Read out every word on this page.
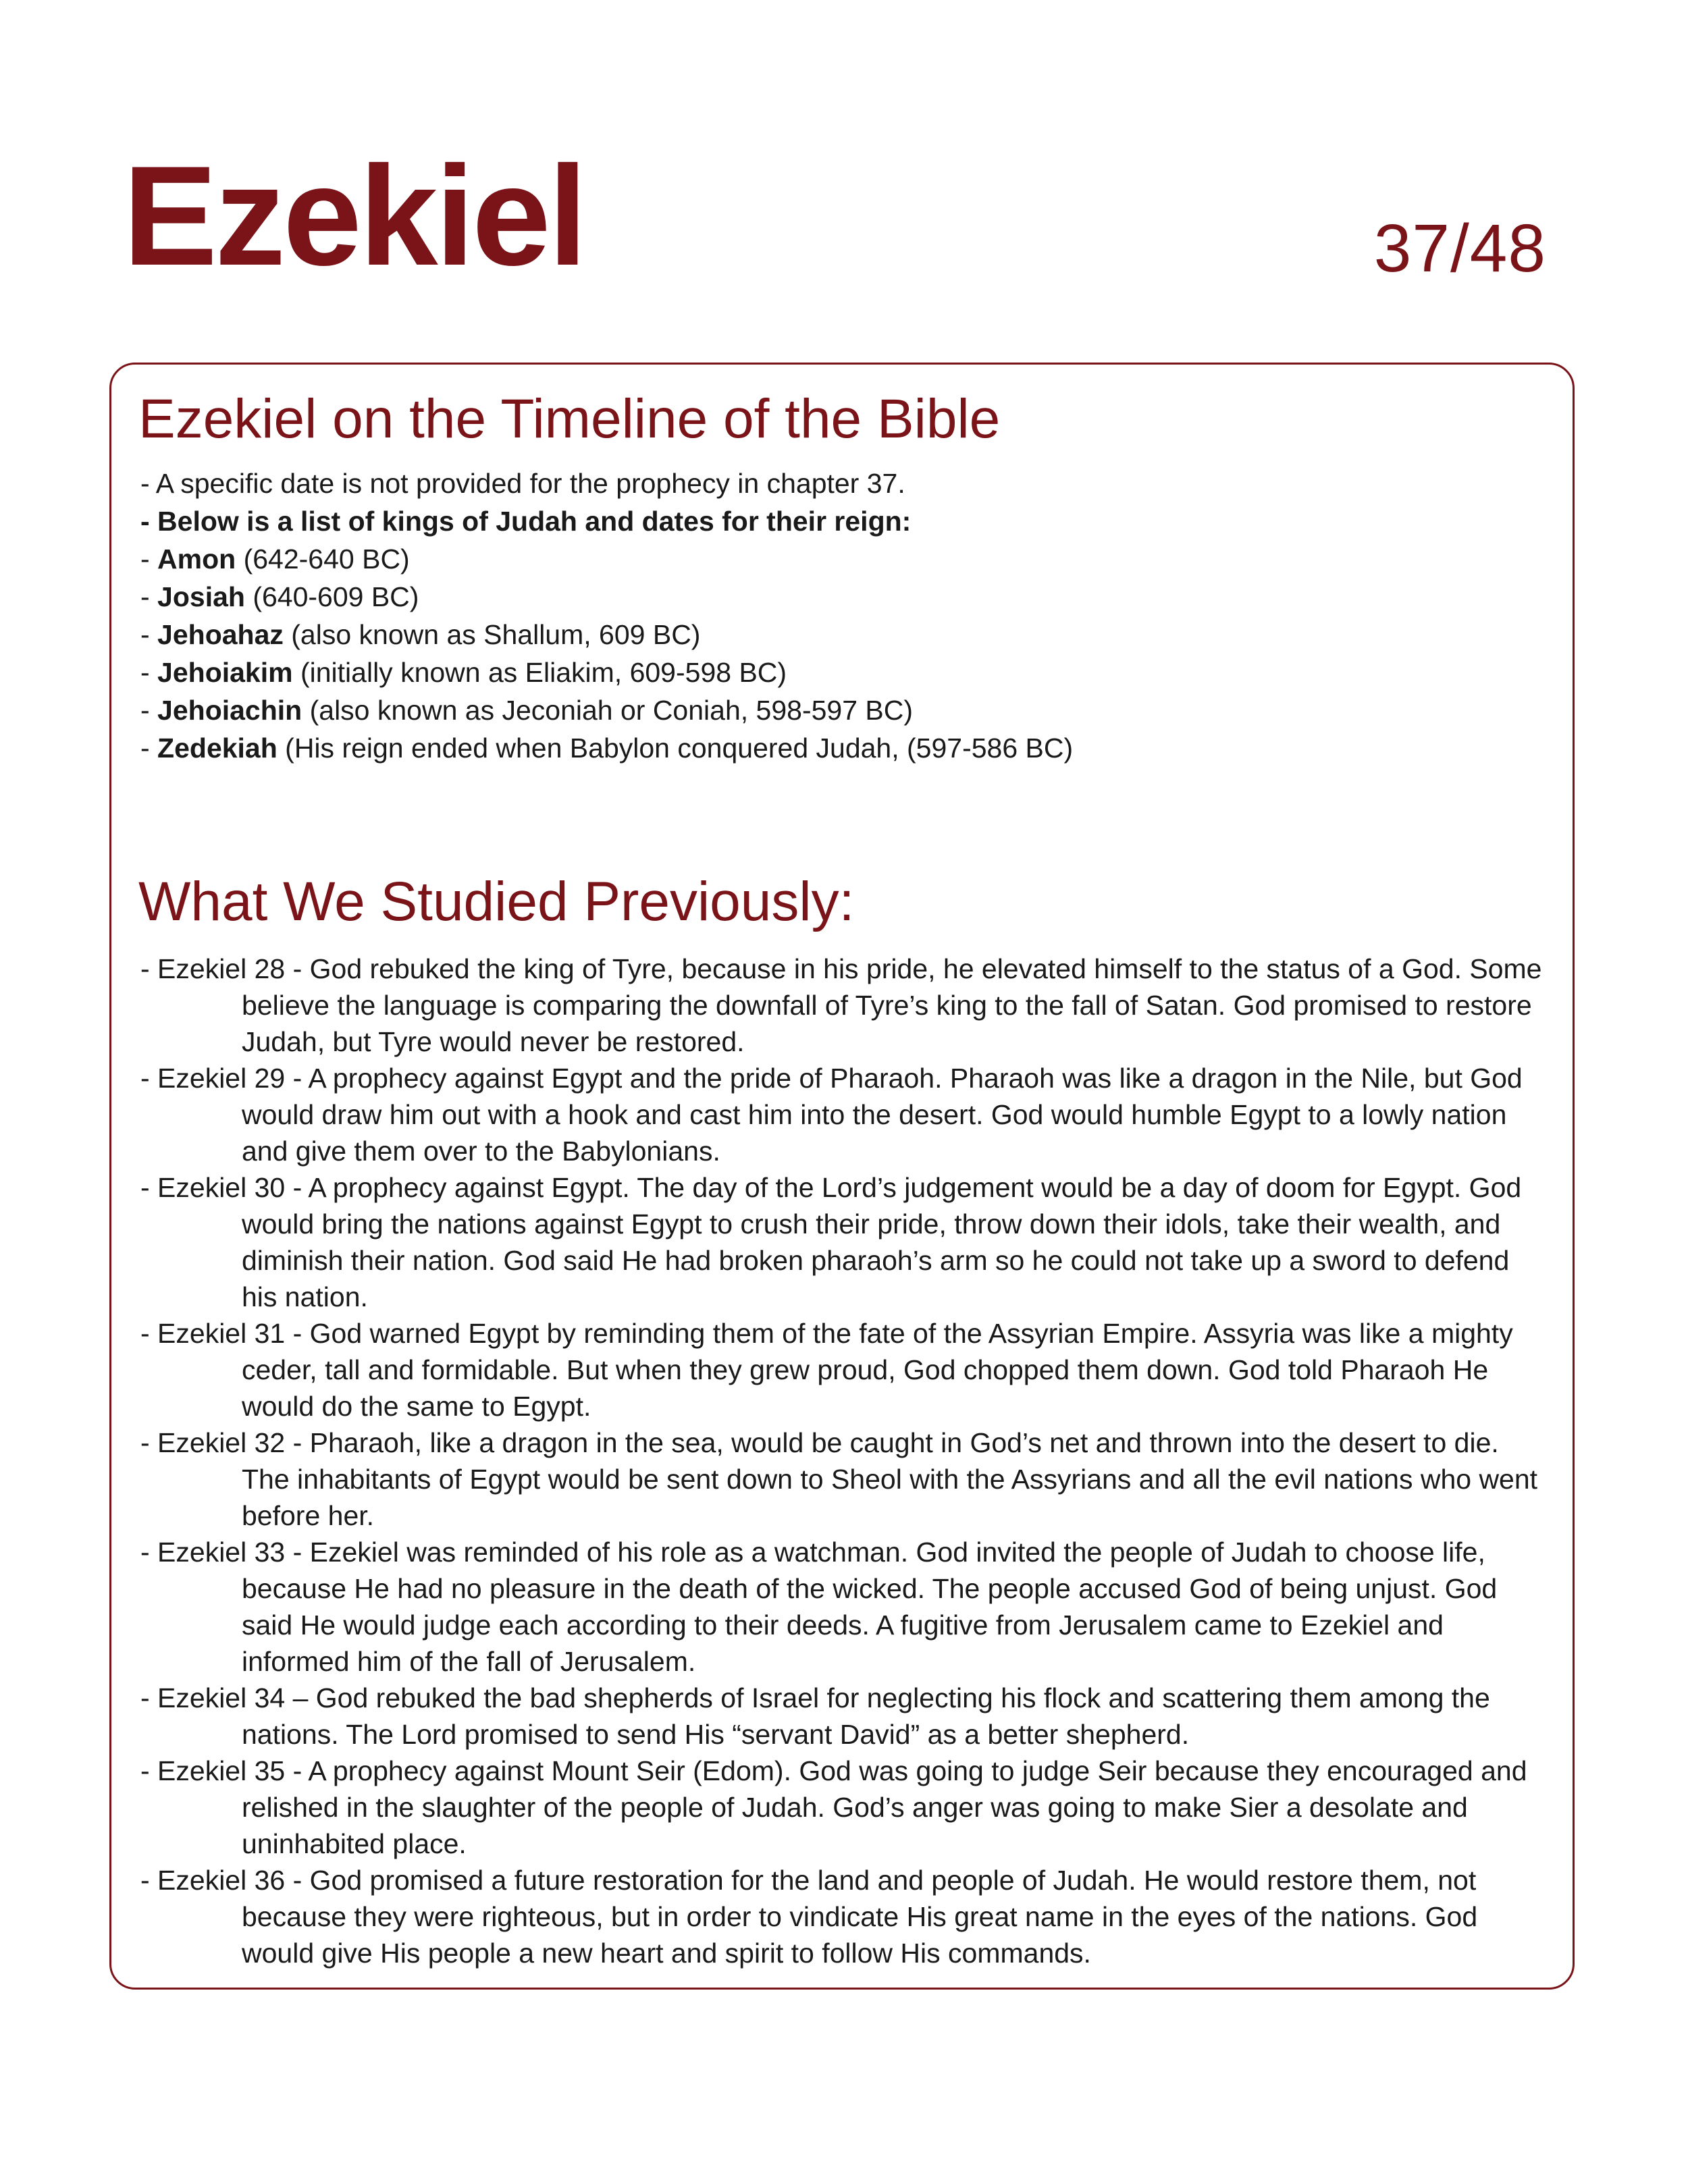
Ezekiel	37/48
Ezekiel on the Timeline of the Bible
- A specific date is not provided for the prophecy in chapter 37.
- Below is a list of kings of Judah and dates for their reign:
- Amon (642-640 BC)
- Josiah (640-609 BC)
- Jehoahaz (also known as Shallum, 609 BC)
- Jehoiakim (initially known as Eliakim, 609-598 BC)
- Jehoiachin (also known as Jeconiah or Coniah, 598-597 BC)
- Zedekiah (His reign ended when Babylon conquered Judah, (597-586 BC)
What We Studied Previously:
- Ezekiel 28 - God rebuked the king of Tyre, because in his pride, he elevated himself to the status of a God. Some believe the language is comparing the downfall of Tyre’s king to the fall of Satan. God promised to restore Judah, but Tyre would never be restored.
- Ezekiel 29 - A prophecy against Egypt and the pride of Pharaoh. Pharaoh was like a dragon in the Nile, but God would draw him out with a hook and cast him into the desert. God would humble Egypt to a lowly nation and give them over to the Babylonians.
- Ezekiel 30 - A prophecy against Egypt. The day of the Lord’s judgement would be a day of doom for Egypt. God would bring the nations against Egypt to crush their pride, throw down their idols, take their wealth, and diminish their nation. God said He had broken pharaoh’s arm so he could not take up a sword to defend his nation.
- Ezekiel 31 - God warned Egypt by reminding them of the fate of the Assyrian Empire. Assyria was like a mighty ceder, tall and formidable. But when they grew proud, God chopped them down. God told Pharaoh He would do the same to Egypt.
- Ezekiel 32 - Pharaoh, like a dragon in the sea, would be caught in God’s net and thrown into the desert to die. The inhabitants of Egypt would be sent down to Sheol with the Assyrians and all the evil nations who went before her.
- Ezekiel 33 - Ezekiel was reminded of his role as a watchman. God invited the people of Judah to choose life, because He had no pleasure in the death of the wicked. The people accused God of being unjust. God said He would judge each according to their deeds. A fugitive from Jerusalem came to Ezekiel and informed him of the fall of Jerusalem.
- Ezekiel 34 – God rebuked the bad shepherds of Israel for neglecting his flock and scattering them among the nations. The Lord promised to send His “servant David” as a better shepherd.
- Ezekiel 35 - A prophecy against Mount Seir (Edom). God was going to judge Seir because they encouraged and relished in the slaughter of the people of Judah. God’s anger was going to make Sier a desolate and uninhabited place.
- Ezekiel 36 - God promised a future restoration for the land and people of Judah. He would restore them, not because they were righteous, but in order to vindicate His great name in the eyes of the nations. God would give His people a new heart and spirit to follow His commands.
